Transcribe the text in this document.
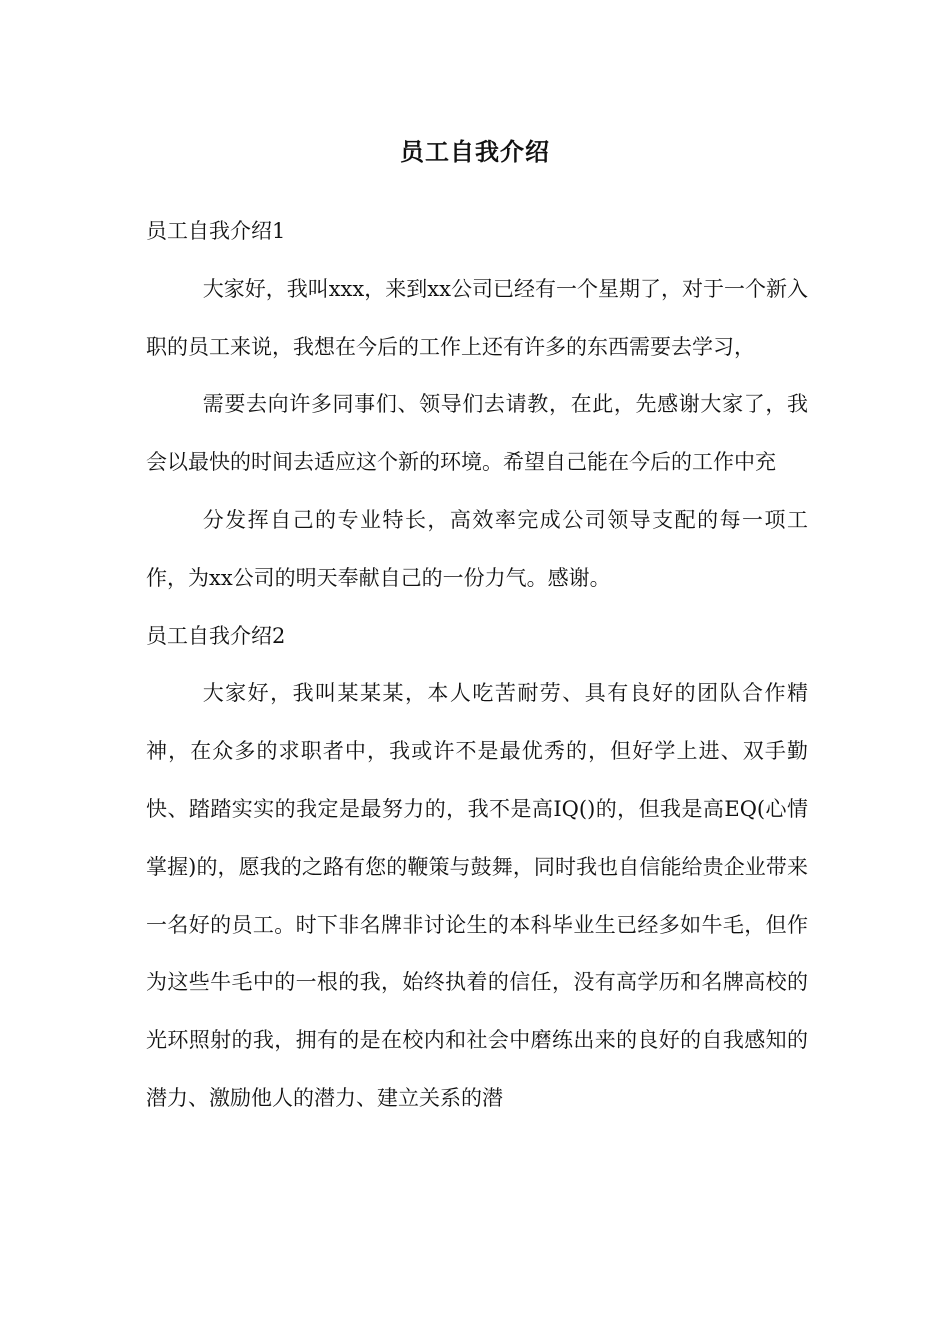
员工自我介绍

员工自我介绍1

大家好，我叫xxx，来到xx公司已经有一个星期了，对于一个新入职的员工来说，我想在今后的工作上还有许多的东西需要去学习，

需要去向许多同事们、领导们去请教，在此，先感谢大家了，我会以最快的时间去适应这个新的环境。希望自己能在今后的工作中充

分发挥自己的专业特长，高效率完成公司领导支配的每一项工作，为xx公司的明天奉献自己的一份力气。感谢。

员工自我介绍2

大家好，我叫某某某，本人吃苦耐劳、具有良好的团队合作精神，在众多的求职者中，我或许不是最优秀的，但好学上进、双手勤快、踏踏实实的我定是最努力的，我不是高IQ()的，但我是高EQ(心情掌握)的，愿我的之路有您的鞭策与鼓舞，同时我也自信能给贵企业带来一名好的员工。时下非名牌非讨论生的本科毕业生已经多如牛毛，但作为这些牛毛中的一根的我，始终执着的信任，没有高学历和名牌高校的光环照射的我，拥有的是在校内和社会中磨练出来的良好的自我感知的潜力、激励他人的潜力、建立关系的潜
